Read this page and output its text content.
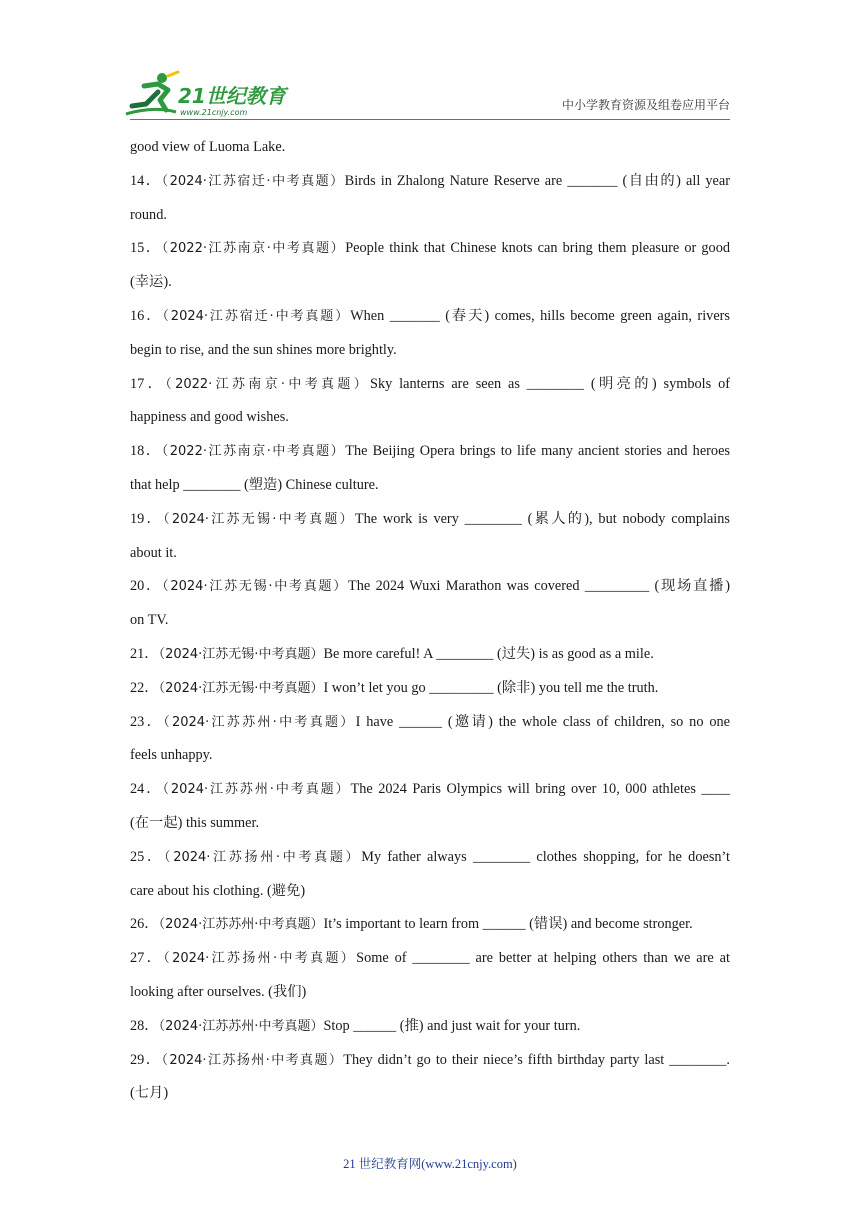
21世纪教育
www.21cnjy.com
中小学教育资源及组卷应用平台
good view of Luoma Lake.
14．（2024·江苏宿迁·中考真题）Birds in Zhalong Nature Reserve are _______ (自由的) all year
round.
15．（2022·江苏南京·中考真题）People think that Chinese knots can bring them pleasure or good
(幸运).
16．（2024·江苏宿迁·中考真题）When _______ (春天) comes, hills become green again, rivers
begin to rise, and the sun shines more brightly.
17．（2022·江苏南京·中考真题）Sky lanterns are seen as ________ (明亮的) symbols of
happiness and good wishes.
18．（2022·江苏南京·中考真题）The Beijing Opera brings to life many ancient stories and heroes
that help ________ (塑造) Chinese culture.
19．（2024·江苏无锡·中考真题）The work is very ________ (累人的), but nobody complains
about it.
20．（2024·江苏无锡·中考真题）The 2024 Wuxi Marathon was covered _________ (现场直播)
on TV.
21．（2024·江苏无锡·中考真题）Be more careful! A ________ (过失) is as good as a mile.
22．（2024·江苏无锡·中考真题）I won’t let you go _________ (除非) you tell me the truth.
23．（2024·江苏苏州·中考真题）I have ______ (邀请) the whole class of children, so no one
feels unhappy.
24．（2024·江苏苏州·中考真题）The 2024 Paris Olympics will bring over 10, 000 athletes ____
(在一起) this summer.
25．（2024·江苏扬州·中考真题）My father always ________ clothes shopping, for he doesn’t
care about his clothing. (避免)
26．（2024·江苏苏州·中考真题）It’s important to learn from ______ (错误) and become stronger.
27．（2024·江苏扬州·中考真题）Some of ________ are better at helping others than we are at
looking after ourselves. (我们)
28．（2024·江苏苏州·中考真题）Stop ______ (推) and just wait for your turn.
29．（2024·江苏扬州·中考真题）They didn’t go to their niece’s fifth birthday party last ________.
(七月)
21 世纪教育网(www.21cnjy.com)
